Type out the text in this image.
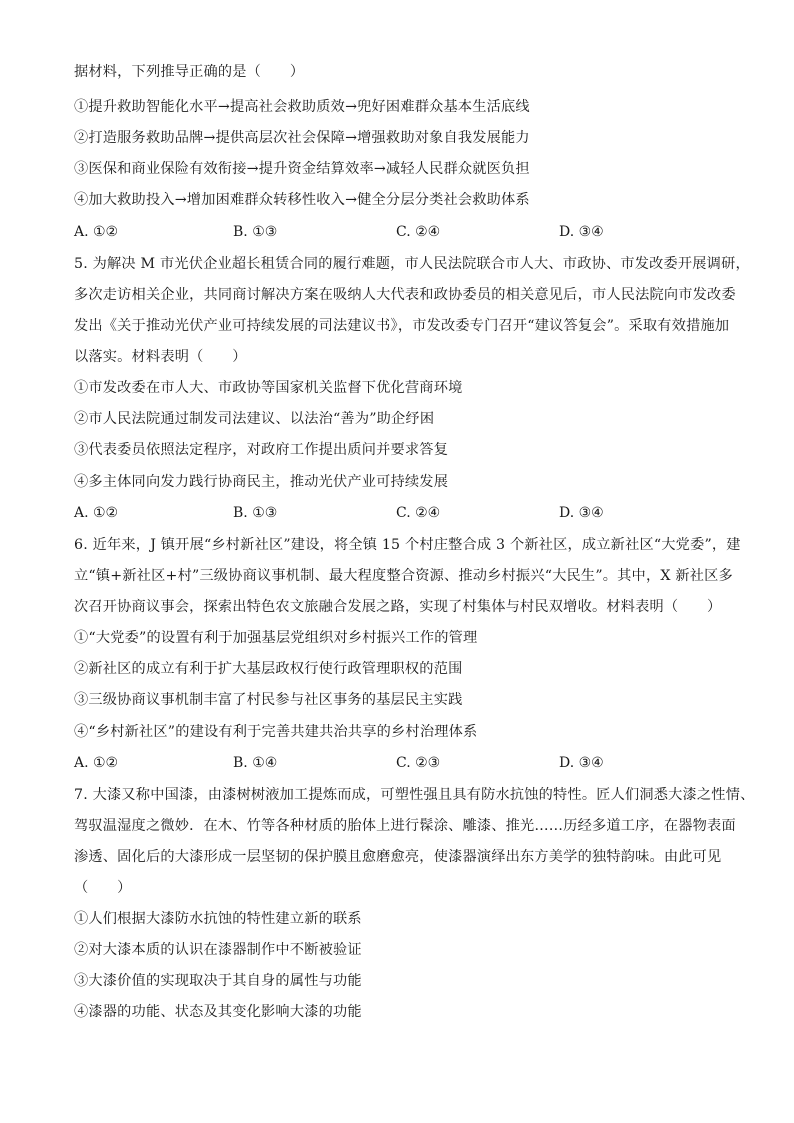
据材料，下列推导正确的是（　　）
①提升救助智能化水平→提高社会救助质效→兜好困难群众基本生活底线
②打造服务救助品牌→提供高层次社会保障→增强救助对象自我发展能力
③医保和商业保险有效衔接→提升资金结算效率→减轻人民群众就医负担
④加大救助投入→增加困难群众转移性收入→健全分层分类社会救助体系
A. ①②	B. ①③	C. ②④	D. ③④
5. 为解决 M 市光伏企业超长租赁合同的履行难题，市人民法院联合市人大、市政协、市发改委开展调研，
多次走访相关企业，共同商讨解决方案在吸纳人大代表和政协委员的相关意见后，市人民法院向市发改委
发出《关于推动光伏产业可持续发展的司法建议书》，市发改委专门召开“建议答复会”。采取有效措施加
以落实。材料表明（　　）
①市发改委在市人大、市政协等国家机关监督下优化营商环境
②市人民法院通过制发司法建议、以法治“善为”助企纾困
③代表委员依照法定程序，对政府工作提出质问并要求答复
④多主体同向发力践行协商民主，推动光伏产业可持续发展
A. ①②	B. ①③	C. ②④	D. ③④
6. 近年来，J 镇开展“乡村新社区”建设，将全镇 15 个村庄整合成 3 个新社区，成立新社区“大党委”，建
立“镇+新社区+村”三级协商议事机制、最大程度整合资源、推动乡村振兴“大民生”。其中，X 新社区多
次召开协商议事会，探索出特色农文旅融合发展之路，实现了村集体与村民双增收。材料表明（　　）
①“大党委”的设置有利于加强基层党组织对乡村振兴工作的管理
②新社区的成立有利于扩大基层政权行使行政管理职权的范围
③三级协商议事机制丰富了村民参与社区事务的基层民主实践
④“乡村新社区”的建设有利于完善共建共治共享的乡村治理体系
A. ①②	B. ①④	C. ②③	D. ③④
7. 大漆又称中国漆，由漆树树液加工提炼而成，可塑性强且具有防水抗蚀的特性。匠人们洞悉大漆之性情、
驾驭温湿度之微妙．在木、竹等各种材质的胎体上进行髹涂、雕漆、推光……历经多道工序，在器物表面
渗透、固化后的大漆形成一层坚韧的保护膜且愈磨愈亮，使漆器演绎出东方美学的独特韵味。由此可见
（　　）
①人们根据大漆防水抗蚀的特性建立新的联系
②对大漆本质的认识在漆器制作中不断被验证
③大漆价值的实现取决于其自身的属性与功能
④漆器的功能、状态及其变化影响大漆的功能
